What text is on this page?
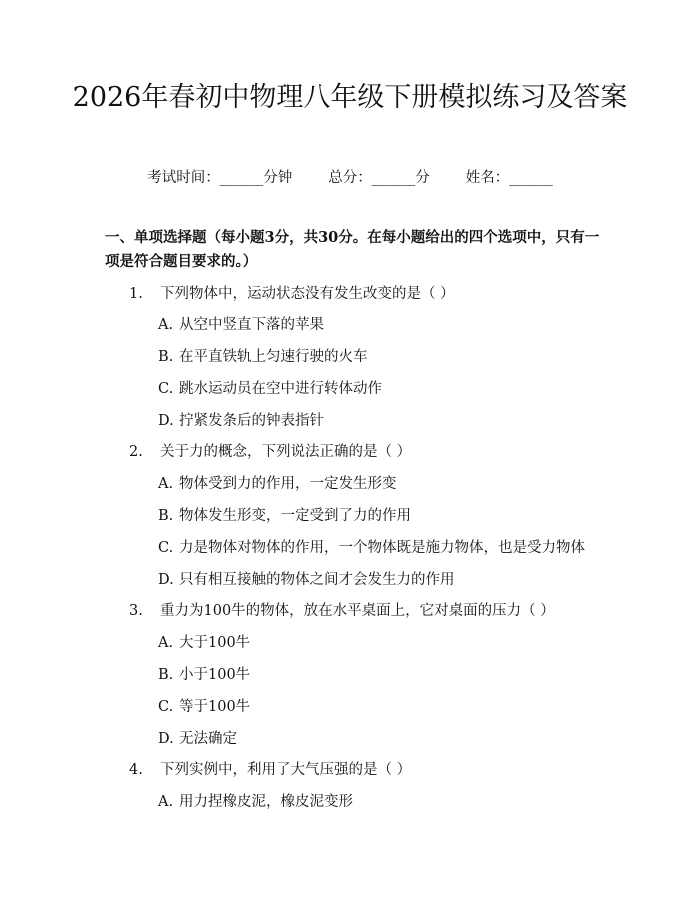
2026年春初中物理八年级下册模拟练习及答案
考试时间：______分钟 总分：______分 姓名：______

一、单项选择题（每小题3分，共30分。在每小题给出的四个选项中，只有一项是符合题目要求的。）

1. 下列物体中，运动状态没有发生改变的是（ ）
A. 从空中竖直下落的苹果
B. 在平直铁轨上匀速行驶的火车
C. 跳水运动员在空中进行转体动作
D. 拧紧发条后的钟表指针
2. 关于力的概念，下列说法正确的是（ ）
A. 物体受到力的作用，一定发生形变
B. 物体发生形变，一定受到了力的作用
C. 力是物体对物体的作用，一个物体既是施力物体，也是受力物体
D. 只有相互接触的物体之间才会发生力的作用
3. 重力为100牛的物体，放在水平桌面上，它对桌面的压力（ ）
A. 大于100牛
B. 小于100牛
C. 等于100牛
D. 无法确定
4. 下列实例中，利用了大气压强的是（ ）
A. 用力捏橡皮泥，橡皮泥变形
